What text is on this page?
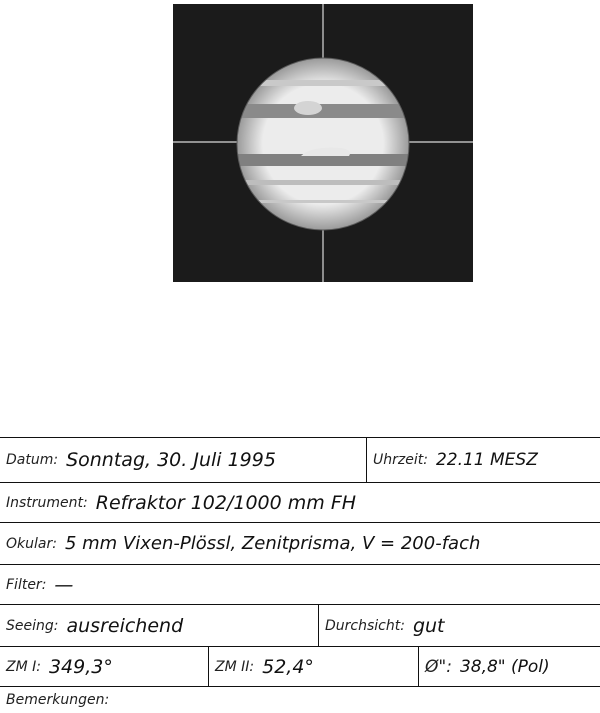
Datum: Sonntag, 30. Juli 1995	Uhrzeit: 22.11 MESZ
Instrument: Refraktor 102/1000 mm FH
Okular: 5 mm Vixen-Plössl, Zenitprisma, V = 200-fach
Filter: —
Seeing: ausreichend	Durchsicht: gut
ZM I: 349,3°	ZM II: 52,4°	Ø": 38,8" (Pol)
Bemerkungen:
